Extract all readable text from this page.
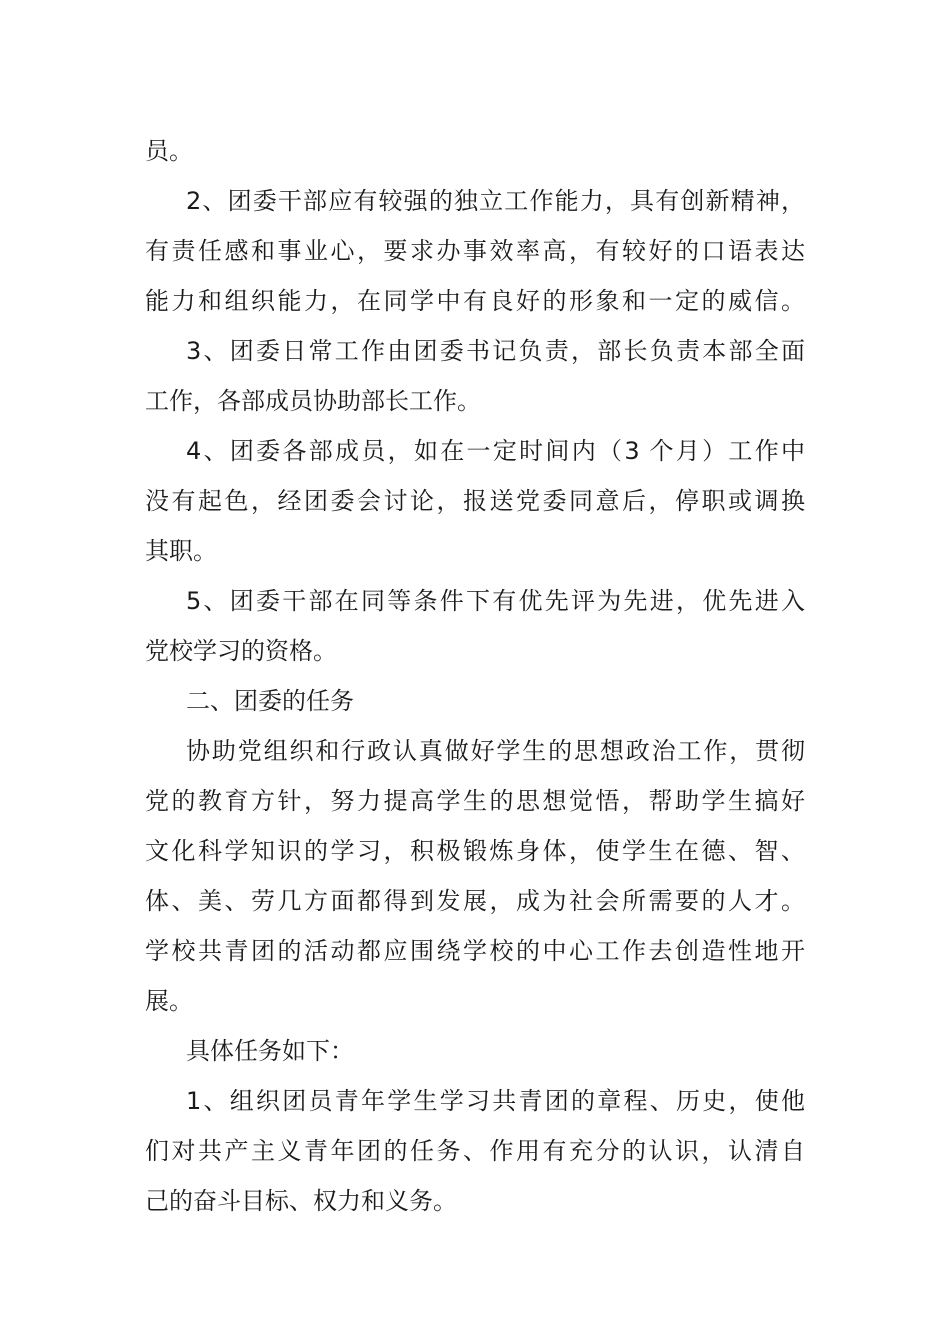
员。
2、团委干部应有较强的独立工作能力，具有创新精神，
有责任感和事业心，要求办事效率高，有较好的口语表达
能力和组织能力，在同学中有良好的形象和一定的威信。
3、团委日常工作由团委书记负责，部长负责本部全面
工作，各部成员协助部长工作。
4、团委各部成员，如在一定时间内（3 个月）工作中
没有起色，经团委会讨论，报送党委同意后，停职或调换
其职。
5、团委干部在同等条件下有优先评为先进，优先进入
党校学习的资格。
二、团委的任务
协助党组织和行政认真做好学生的思想政治工作，贯彻
党的教育方针，努力提高学生的思想觉悟，帮助学生搞好
文化科学知识的学习，积极锻炼身体，使学生在德、智、
体、美、劳几方面都得到发展，成为社会所需要的人才。
学校共青团的活动都应围绕学校的中心工作去创造性地开
展。
具体任务如下：
1、组织团员青年学生学习共青团的章程、历史，使他
们对共产主义青年团的任务、作用有充分的认识，认清自
己的奋斗目标、权力和义务。
